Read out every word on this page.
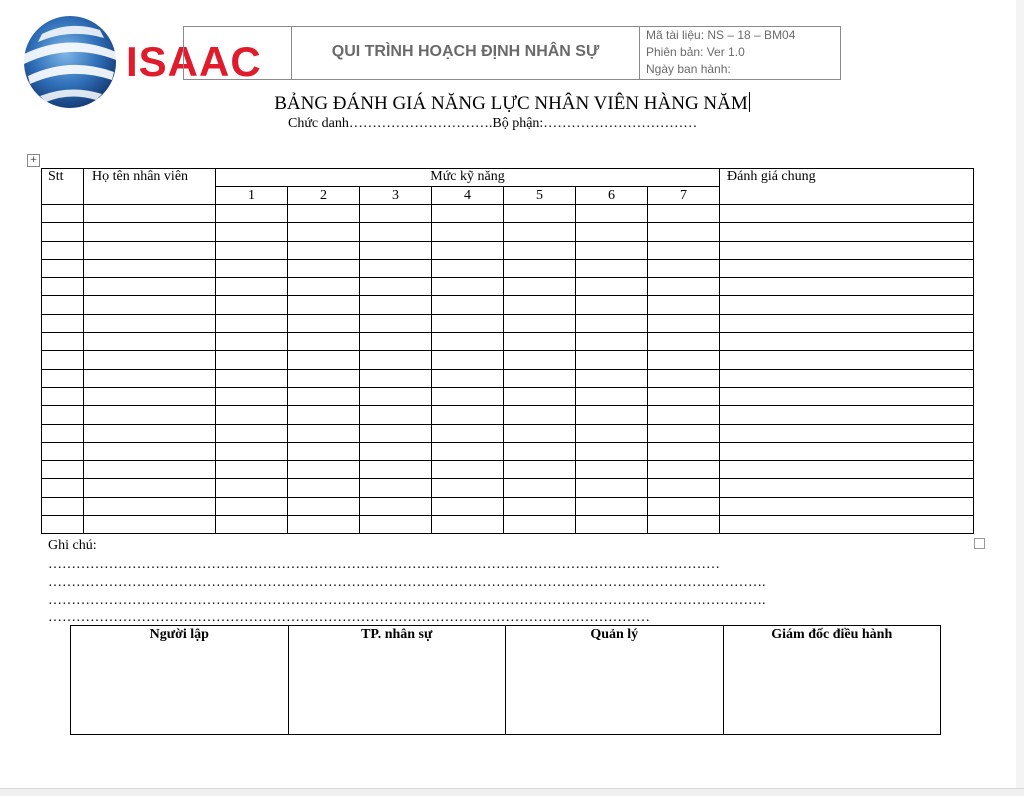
ISAAC	QUI TRÌNH HOẠCH ĐỊNH NHÂN SỰ
Mã tài liệu: NS – 18 – BM04
Phiên bản: Ver 1.0
Ngày ban hành:
BẢNG ĐÁNH GIÁ NĂNG LỰC NHÂN VIÊN HÀNG NĂM
Chức danh………………………….Bộ phận:……………………………
+
Stt	Họ tên nhân viên	Mức kỹ năng							Đánh giá chung
		1	2	3	4	5	6	7	

Ghi chú:
………………………………………………………………………………………………………………………………
……………………………………………………………………………………………………………………………………….
……………………………………………………………………………………………………………………………………….
…………………………………………………………………………………………………………………
Người lập	TP. nhân sự	Quản lý	Giám đốc điều hành
